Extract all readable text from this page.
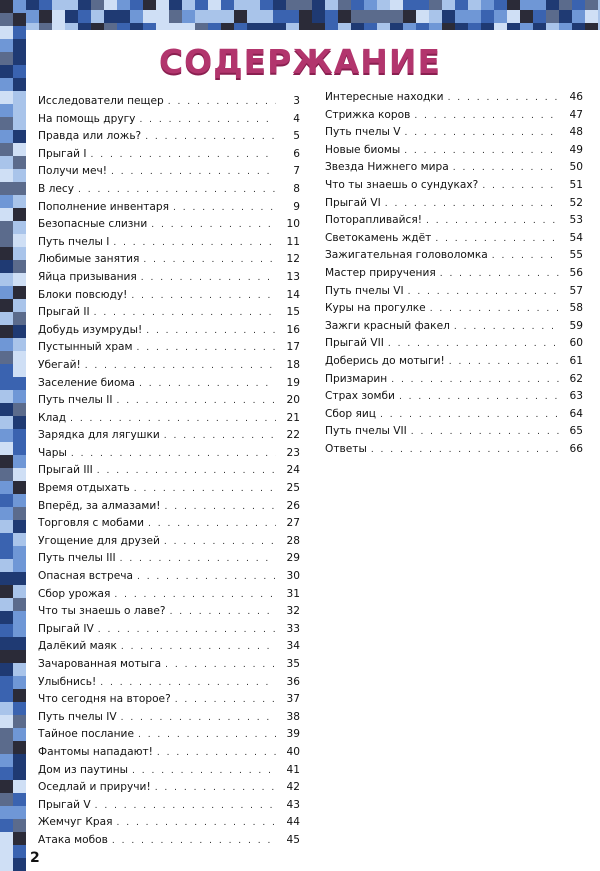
СОДЕРЖАНИЕ
Исследователи пещер . . .	3
На помощь другу . . .	4
Правда или ложь? . . .	5
Прыгай I . . .	6
Получи меч! . . .	7
В лесу . . .	8
Пополнение инвентаря . . .	9
Безопасные слизни . . .	10
Путь пчелы I . . .	11
Любимые занятия . . .	12
Яйца призывания . . .	13
Блоки повсюду! . . .	14
Прыгай II . . .	15
Добудь изумруды! . . .	16
Пустынный храм . . .	17
Убегай! . . .	18
Заселение биома . . .	19
Путь пчелы II . . .	20
Клад . . .	21
Зарядка для лягушки . . .	22
Чары . . .	23
Прыгай III . . .	24
Время отдыхать . . .	25
Вперёд, за алмазами! . . .	26
Торговля с мобами . . .	27
Угощение для друзей . . .	28
Путь пчелы III . . .	29
Опасная встреча . . .	30
Сбор урожая . . .	31
Что ты знаешь о лаве? . . .	32
Прыгай IV . . .	33
Далёкий маяк . . .	34
Зачарованная мотыга . . .	35
Улыбнись! . . .	36
Что сегодня на второе? . . .	37
Путь пчелы IV . . .	38
Тайное послание . . .	39
Фантомы нападают! . . .	40
Дом из паутины . . .	41
Оседлай и приручи! . . .	42
Прыгай V . . .	43
Жемчуг Края . . .	44
Атака мобов . . .	45
Интересные находки . . .	46
Стрижка коров . . .	47
Путь пчелы V . . .	48
Новые биомы . . .	49
Звезда Нижнего мира . . .	50
Что ты знаешь о сундуках? . . .	51
Прыгай VI . . .	52
Поторапливайся! . . .	53
Светокамень ждёт . . .	54
Зажигательная головоломка . . .	55
Мастер приручения . . .	56
Путь пчелы VI . . .	57
Куры на прогулке . . .	58
Зажги красный факел . . .	59
Прыгай VII . . .	60
Доберись до мотыги! . . .	61
Призмарин . . .	62
Страх зомби . . .	63
Сбор яиц . . .	64
Путь пчелы VII . . .	65
Ответы . . .	66
2
